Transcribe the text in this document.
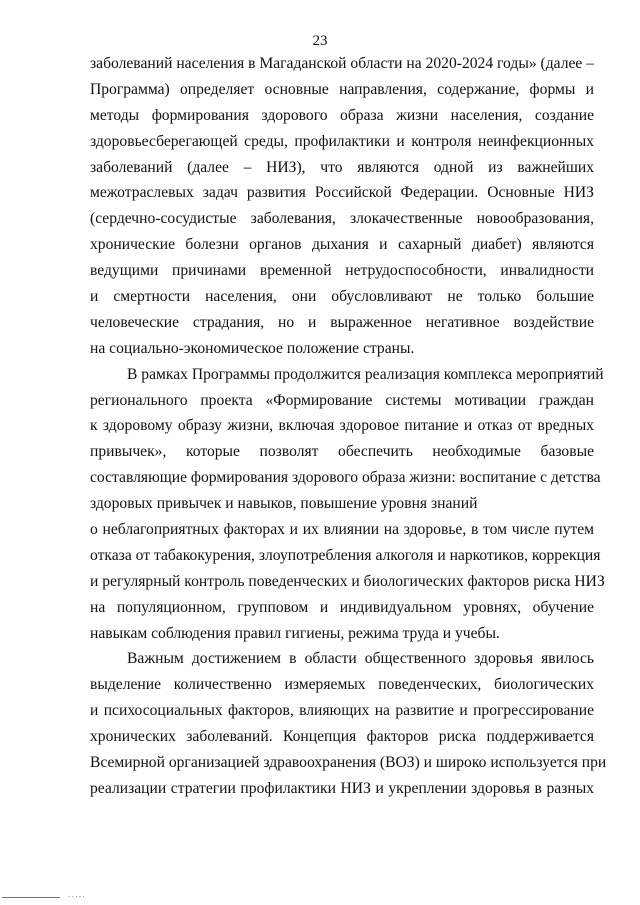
23
заболеваний населения в Магаданской области на 2020-2024 годы» (далее –
Программа) определяет основные направления, содержание, формы и
методы формирования здорового образа жизни населения, создание
здоровьесберегающей среды, профилактики и контроля неинфекционных
заболеваний (далее – НИЗ), что являются одной из важнейших
межотраслевых задач развития Российской Федерации. Основные НИЗ
(сердечно-сосудистые заболевания, злокачественные новообразования,
хронические болезни органов дыхания и сахарный диабет) являются
ведущими причинами временной нетрудоспособности, инвалидности
и смертности населения, они обусловливают не только большие
человеческие страдания, но и выраженное негативное воздействие
на социально-экономическое положение страны.
В рамках Программы продолжится реализация комплекса мероприятий
регионального проекта «Формирование системы мотивации граждан
к здоровому образу жизни, включая здоровое питание и отказ от вредных
привычек», которые позволят обеспечить необходимые базовые
составляющие формирования здорового образа жизни: воспитание с детства
здоровых привычек и навыков, повышение уровня знаний
о неблагоприятных факторах и их влиянии на здоровье, в том числе путем
отказа от табакокурения, злоупотребления алкоголя и наркотиков, коррекция
и регулярный контроль поведенческих и биологических факторов риска НИЗ
на популяционном, групповом и индивидуальном уровнях, обучение
навыкам соблюдения правил гигиены, режима труда и учебы.
Важным достижением в области общественного здоровья явилось
выделение количественно измеряемых поведенческих, биологических
и психосоциальных факторов, влияющих на развитие и прогрессирование
хронических заболеваний. Концепция факторов риска поддерживается
Всемирной организацией здравоохранения (ВОЗ) и широко используется при
реализации стратегии профилактики НИЗ и укреплении здоровья в разных
.....
